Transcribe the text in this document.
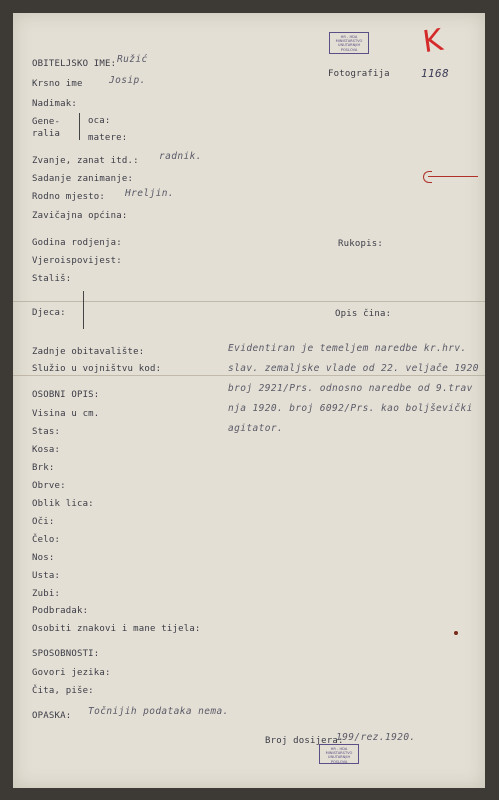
HR - HDA
MINISTARSTVO UNUTARNJIH
POSLOVA K
1168
OBITELJSKO IME: Ružić
Krsno ime	Josip.
Nadimak:
Gene- ralia
oca:
matere:
Zvanje, zanat itd.: radnik.
Sadanje zanimanje:
Rodno mjesto: Hreljin.
Zavičajna općina:
Godina rodjenja:
Vjeroispovijest:
Stališ:
Djeca:
Zadnje obitavalište:
Služio u vojništvu kod:
OSOBNI OPIS:
Visina u cm.
Stas:
Kosa:
Brk:
Obrve:
Oblik lica:
Oči:
Čelo:
Nos:
Usta:
Zubi:
Podbradak:
Osobiti znakovi i mane tijela:
SPOSOBNOSTI:
Govori jezika:
Čita, piše:
OPASKA: Točnijih podataka nema.
Fotografija
Rukopis:
Opis čina:
Evidentiran je temeljem naredbe kr.hrv.
slav. zemaljske vlade od 22. veljače 1920
broj 2921/Prs. odnosno naredbe od 9.trav
nja 1920. broj 6092/Prs. kao boljševički
agitator.
Broj dosijera:
199/rez.1920.
HR - HDA
MINISTARSTVO UNUTARNJIH
POSLOVA
